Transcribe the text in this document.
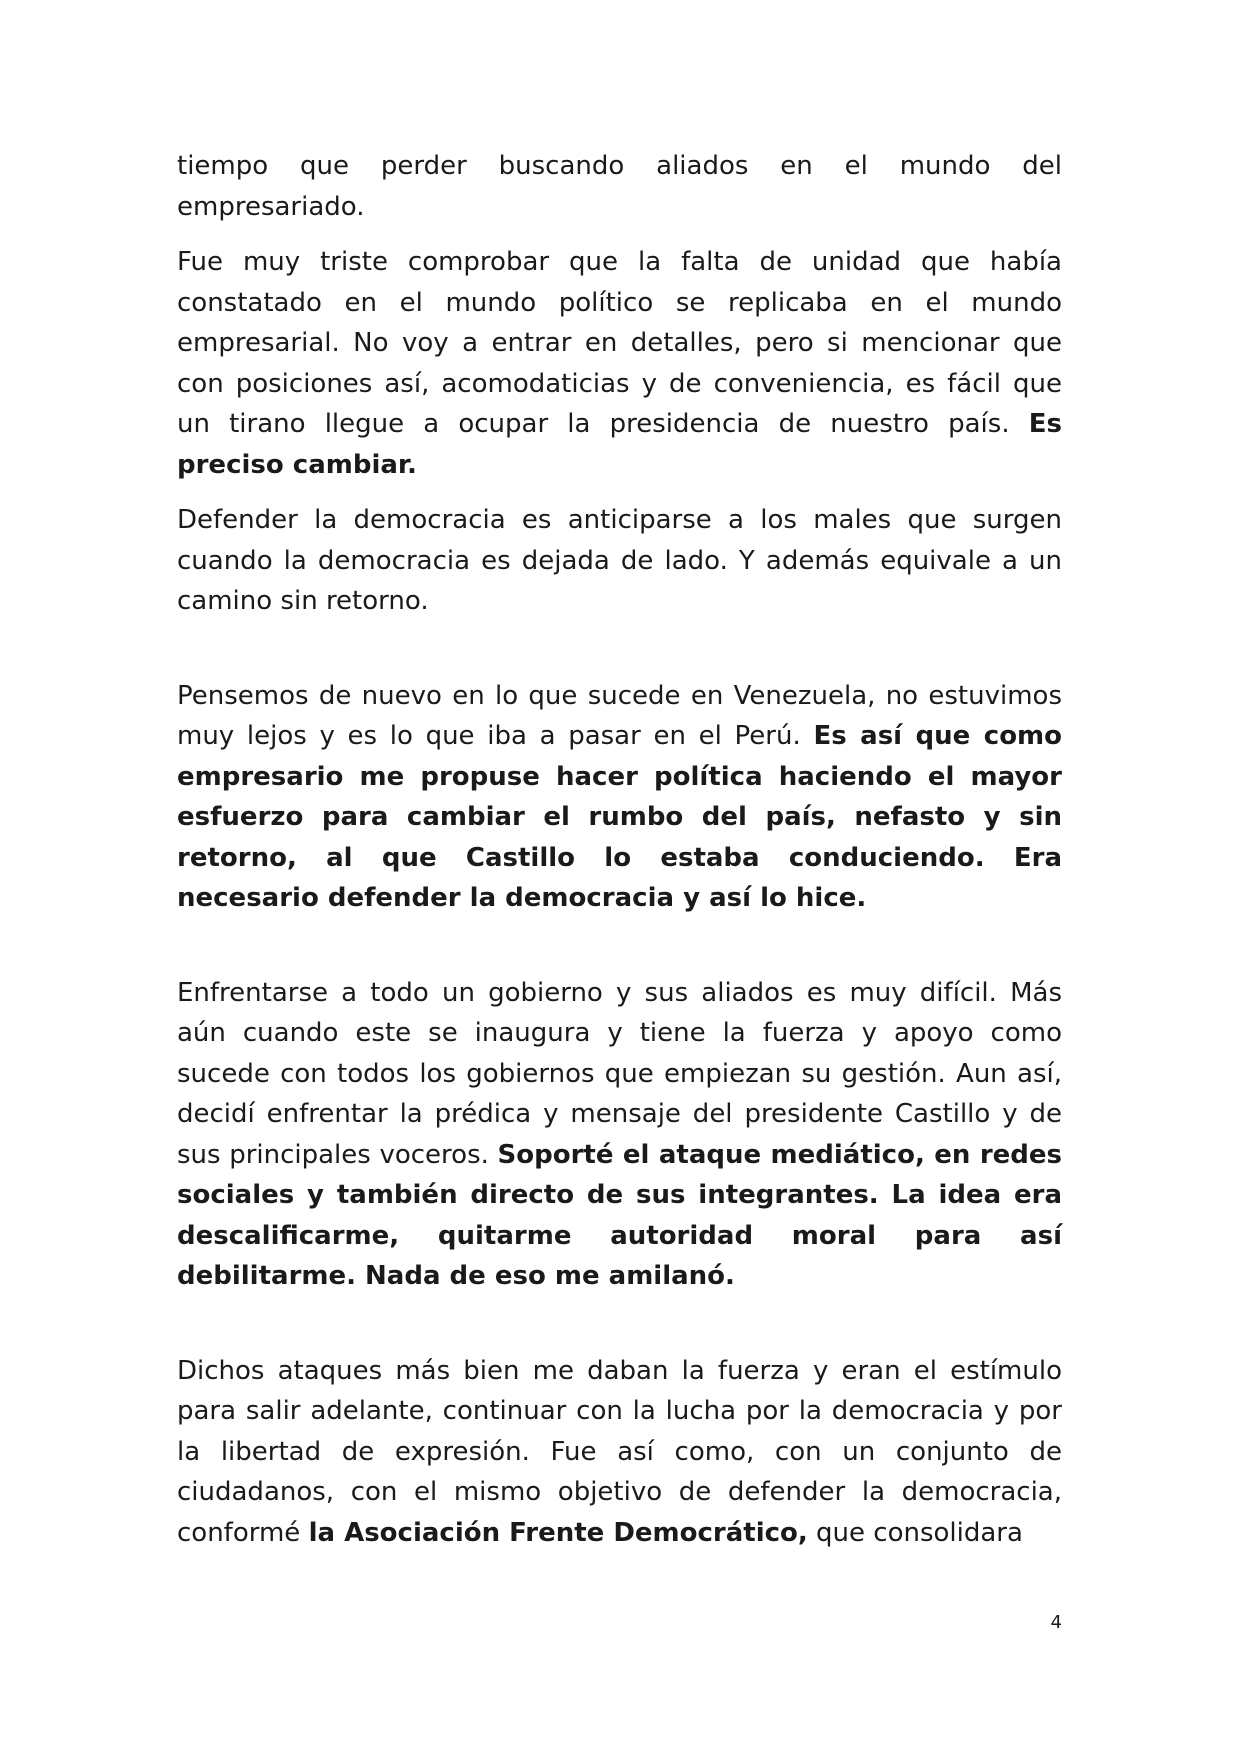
tiempo que perder buscando aliados en el mundo del empresariado.

Fue muy triste comprobar que la falta de unidad que había constatado en el mundo político se replicaba en el mundo empresarial. No voy a entrar en detalles, pero si mencionar que con posiciones así, acomodaticias y de conveniencia, es fácil que un tirano llegue a ocupar la presidencia de nuestro país. Es preciso cambiar.

Defender la democracia es anticiparse a los males que surgen cuando la democracia es dejada de lado. Y además equivale a un camino sin retorno.

Pensemos de nuevo en lo que sucede en Venezuela, no estuvimos muy lejos y es lo que iba a pasar en el Perú. Es así que como empresario me propuse hacer política haciendo el mayor esfuerzo para cambiar el rumbo del país, nefasto y sin retorno, al que Castillo lo estaba conduciendo. Era necesario defender la democracia y así lo hice.

Enfrentarse a todo un gobierno y sus aliados es muy difícil. Más aún cuando este se inaugura y tiene la fuerza y apoyo como sucede con todos los gobiernos que empiezan su gestión. Aun así, decidí enfrentar la prédica y mensaje del presidente Castillo y de sus principales voceros. Soporté el ataque mediático, en redes sociales y también directo de sus integrantes. La idea era descalificarme, quitarme autoridad moral para así debilitarme. Nada de eso me amilanó.

Dichos ataques más bien me daban la fuerza y eran el estímulo para salir adelante, continuar con la lucha por la democracia y por la libertad de expresión. Fue así como, con un conjunto de ciudadanos, con el mismo objetivo de defender la democracia, conformé la Asociación Frente Democrático, que consolidara

4
